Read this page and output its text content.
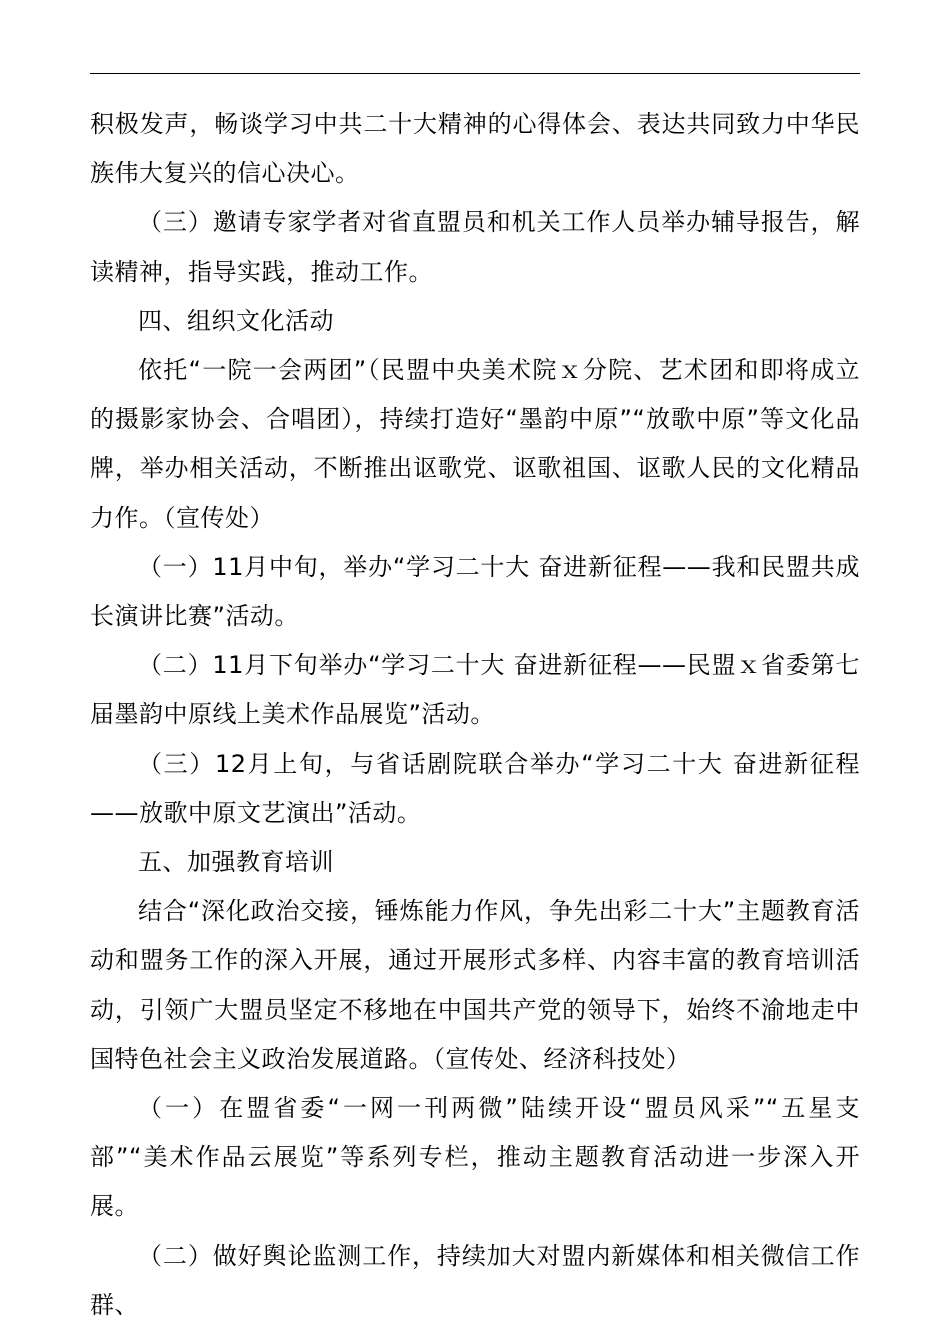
积极发声，畅谈学习中共二十大精神的心得体会、表达共同致力中华民族伟大复兴的信心决心。

（三）邀请专家学者对省直盟员和机关工作人员举办辅导报告，解读精神，指导实践，推动工作。

四、组织文化活动

依托“一院一会两团”（民盟中央美术院ｘ分院、艺术团和即将成立的摄影家协会、合唱团），持续打造好“墨韵中原”“放歌中原”等文化品牌，举办相关活动，不断推出讴歌党、讴歌祖国、讴歌人民的文化精品力作。（宣传处）

（一）11月中旬，举办“学习二十大 奋进新征程——我和民盟共成长演讲比赛”活动。

（二）11月下旬举办“学习二十大 奋进新征程——民盟ｘ省委第七届墨韵中原线上美术作品展览”活动。

（三）12月上旬，与省话剧院联合举办“学习二十大 奋进新征程——放歌中原文艺演出”活动。

五、加强教育培训

结合“深化政治交接，锤炼能力作风，争先出彩二十大”主题教育活动和盟务工作的深入开展，通过开展形式多样、内容丰富的教育培训活动，引领广大盟员坚定不移地在中国共产党的领导下，始终不渝地走中国特色社会主义政治发展道路。（宣传处、经济科技处）

（一）在盟省委“一网一刊两微”陆续开设“盟员风采”“五星支部”“美术作品云展览”等系列专栏，推动主题教育活动进一步深入开展。

（二）做好舆论监测工作，持续加大对盟内新媒体和相关微信工作群、
